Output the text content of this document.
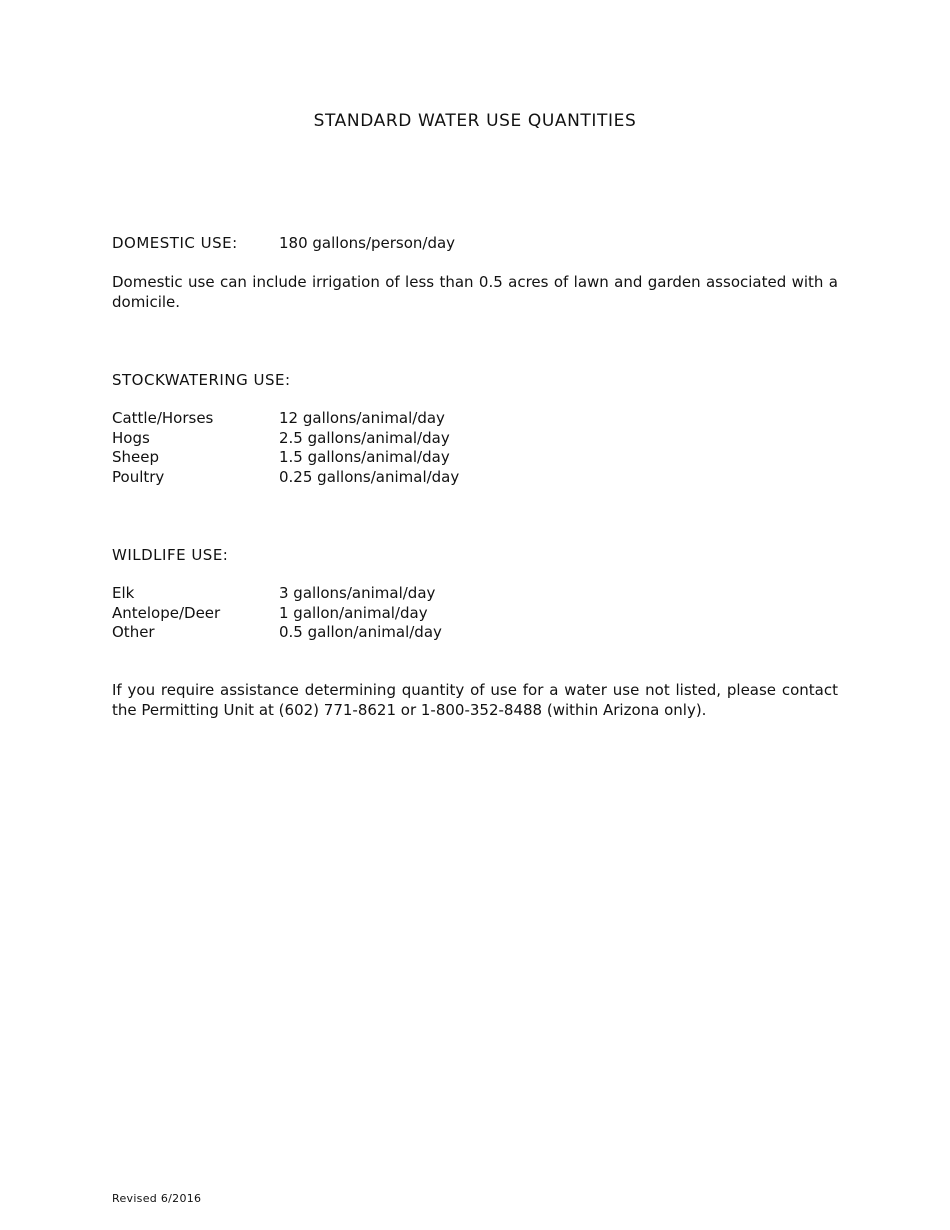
STANDARD WATER USE QUANTITIES
DOMESTIC USE:	180 gallons/person/day

Domestic use can include irrigation of less than 0.5 acres of lawn and garden associated with a domicile.

STOCKWATERING USE:
Cattle/Horses	12 gallons/animal/day
Hogs	2.5 gallons/animal/day
Sheep	1.5 gallons/animal/day
Poultry	0.25 gallons/animal/day
WILDLIFE USE:
Elk	3 gallons/animal/day
Antelope/Deer	1 gallon/animal/day
Other	0.5 gallon/animal/day

If you require assistance determining quantity of use for a water use not listed, please contact the Permitting Unit at (602) 771-8621 or 1-800-352-8488 (within Arizona only).

Revised 6/2016
